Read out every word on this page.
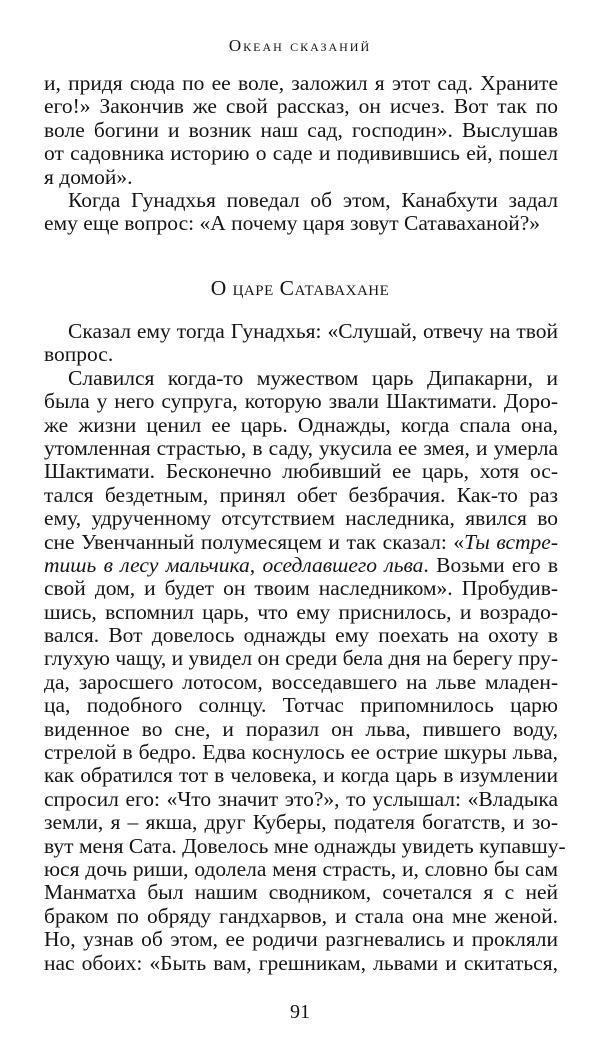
Океан сказаний
и, придя сюда по ее воле, заложил я этот сад. Храните
его!» Закончив же свой рассказ, он исчез. Вот так по
воле богини и возник наш сад, господин». Выслушав
от садовника историю о саде и подивившись ей, пошел
я домой».
Когда Гунадхья поведал об этом, Канабхути задал
ему еще вопрос: «А почему царя зовут Сатаваханой?»
О царе Сатавахане
Сказал ему тогда Гунадхья: «Слушай, отвечу на твой
вопрос.
Славился когда-то мужеством царь Дипакарни, и
была у него супруга, которую звали Шактимати. Доро-
же жизни ценил ее царь. Однажды, когда спала она,
утомленная страстью, в саду, укусила ее змея, и умерла
Шактимати. Бесконечно любивший ее царь, хотя ос-
тался бездетным, принял обет безбрачия. Как-то раз
ему, удрученному отсутствием наследника, явился во
сне Увенчанный полумесяцем и так сказал: «Ты встре-
тишь в лесу мальчика, оседлавшего льва. Возьми его в
свой дом, и будет он твоим наследником». Пробудив-
шись, вспомнил царь, что ему приснилось, и возрадо-
вался. Вот довелось однажды ему поехать на охоту в
глухую чащу, и увидел он среди бела дня на берегу пру-
да, заросшего лотосом, восседавшего на льве младен-
ца, подобного солнцу. Тотчас припомнилось царю
виденное во сне, и поразил он льва, пившего воду,
стрелой в бедро. Едва коснулось ее острие шкуры льва,
как обратился тот в человека, и когда царь в изумлении
спросил его: «Что значит это?», то услышал: «Владыка
земли, я – якша, друг Куберы, подателя богатств, и зо-
вут меня Сата. Довелось мне однажды увидеть купавшу-
юся дочь риши, одолела меня страсть, и, словно бы сам
Манматха был нашим сводником, сочетался я с ней
браком по обряду гандхарвов, и стала она мне женой.
Но, узнав об этом, ее родичи разгневались и прокляли
нас обоих: «Быть вам, грешникам, львами и скитаться,
91
